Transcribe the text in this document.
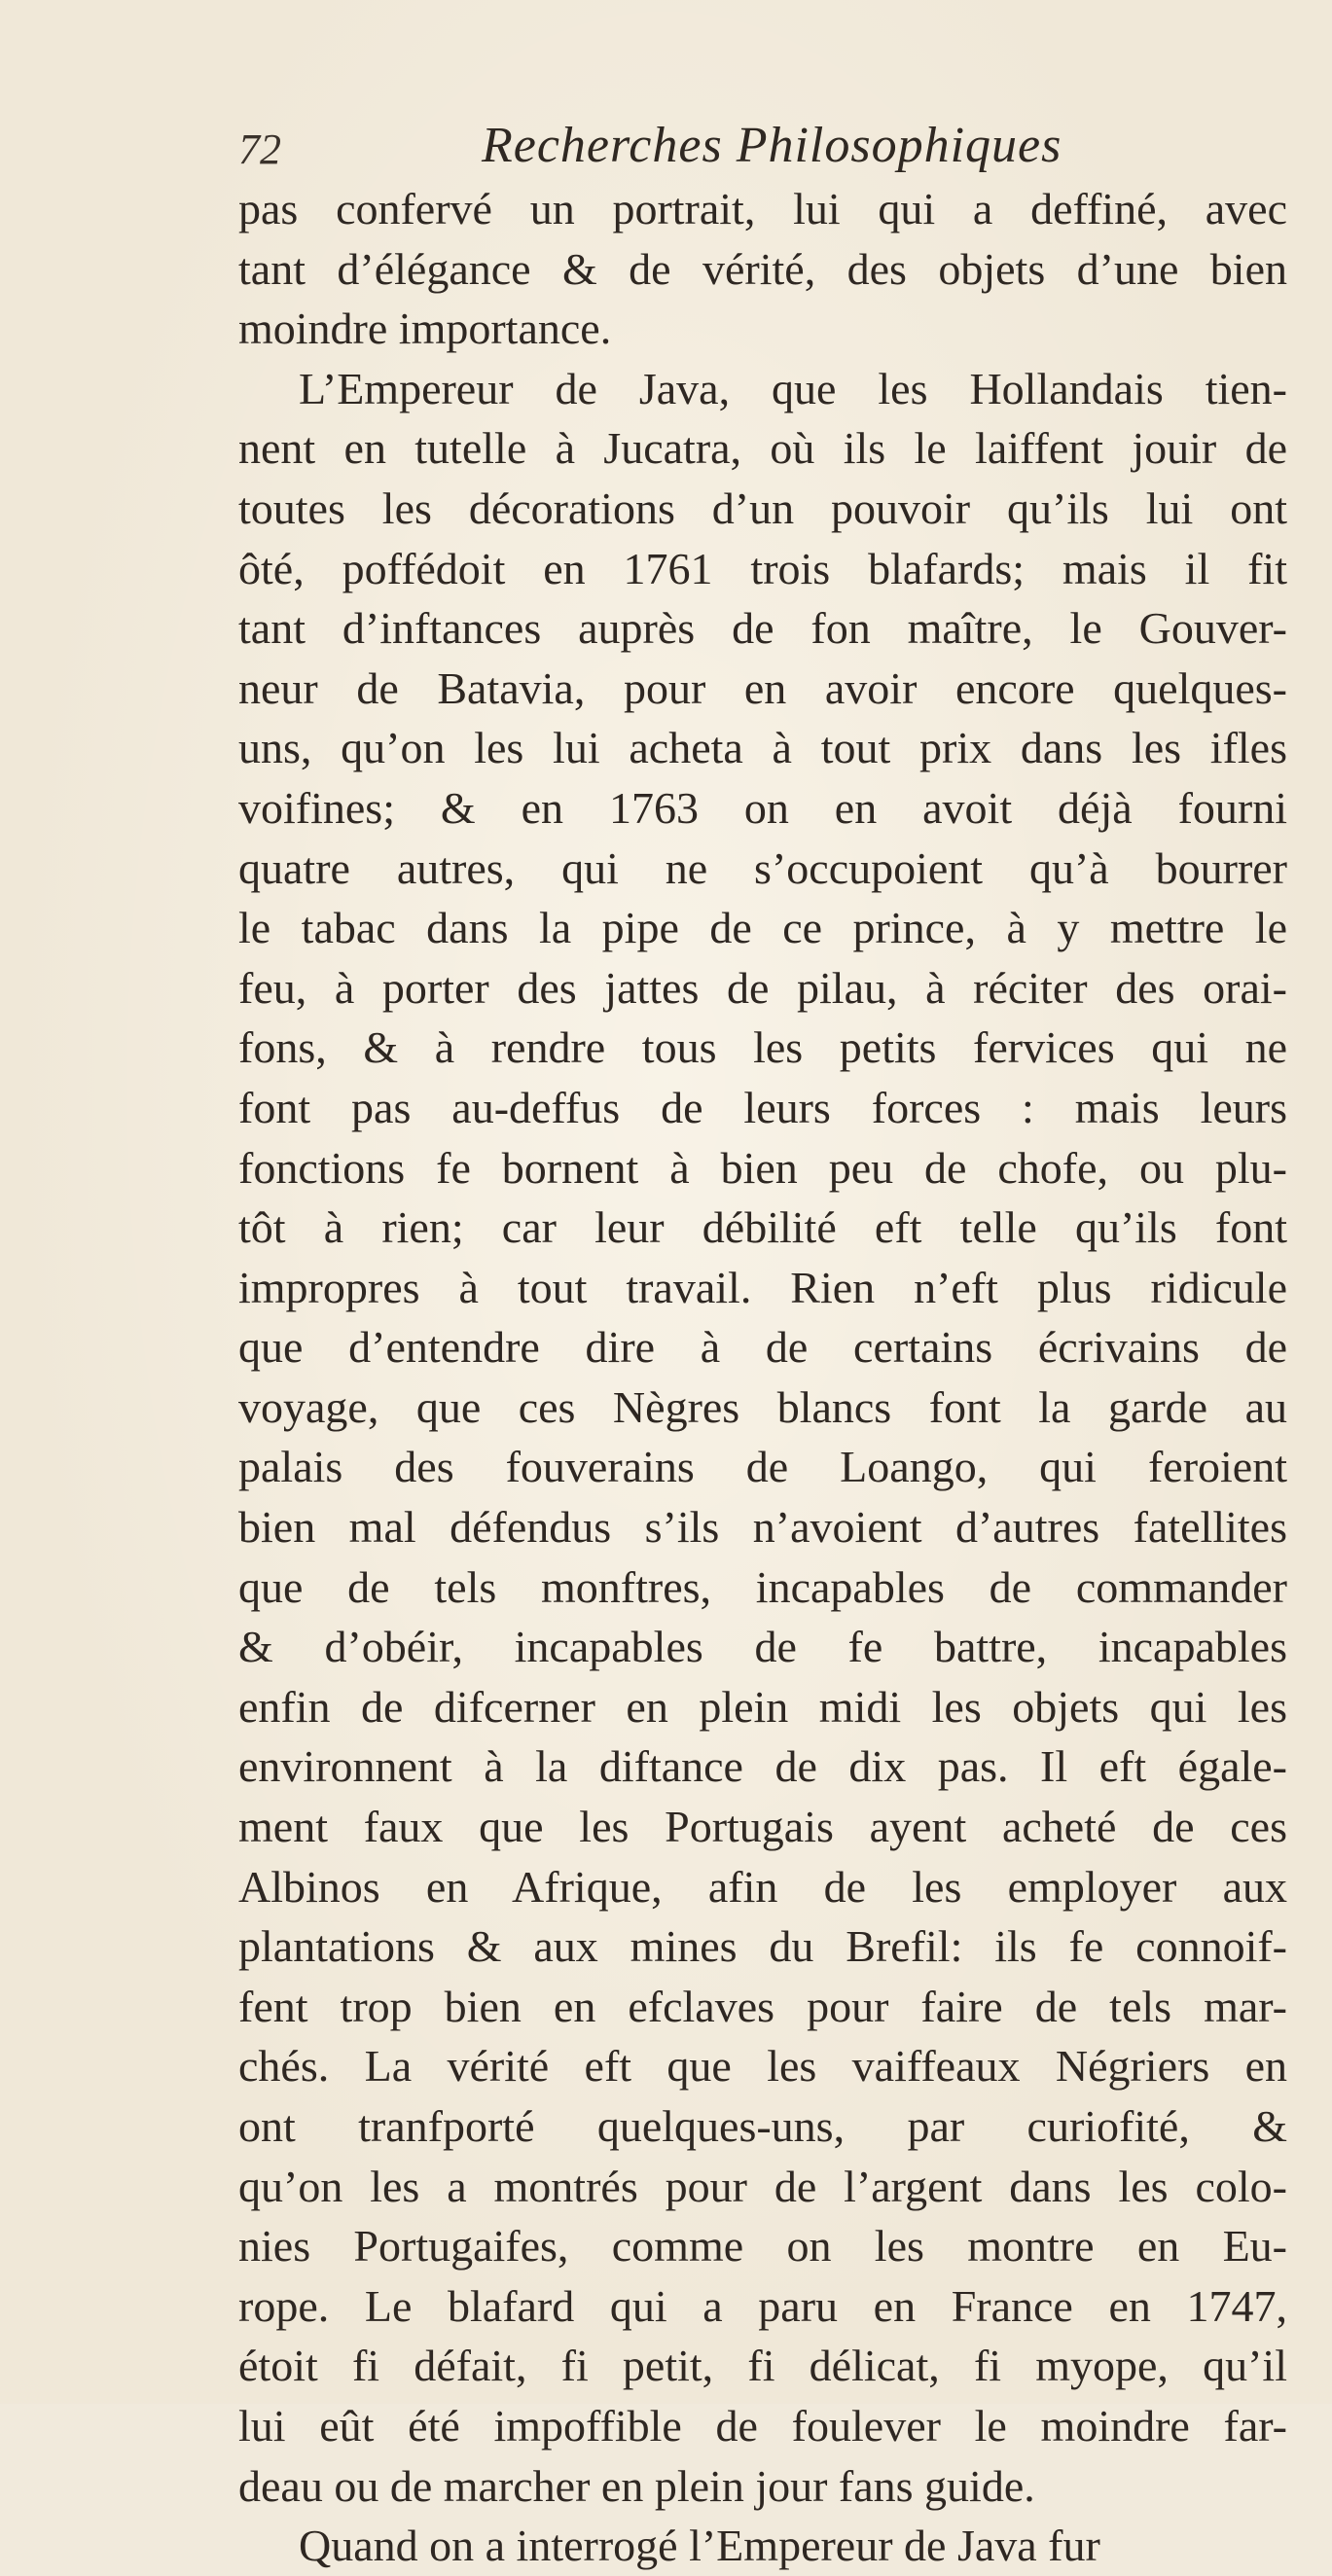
72	Recherches Philosophiques
pas confervé un portrait, lui qui a deffiné, avec
tant d’élégance & de vérité, des objets d’une bien
moindre importance.
L’Empereur de Java, que les Hollandais tien-
nent en tutelle à Jucatra, où ils le laiffent jouir de
toutes les décorations d’un pouvoir qu’ils lui ont
ôté, poffédoit en 1761 trois blafards; mais il fit
tant d’inftances auprès de fon maître, le Gouver-
neur de Batavia, pour en avoir encore quelques-
uns, qu’on les lui acheta à tout prix dans les ifles
voifines; & en 1763 on en avoit déjà fourni
quatre autres, qui ne s’occupoient qu’à bourrer
le tabac dans la pipe de ce prince, à y mettre le
feu, à porter des jattes de pilau, à réciter des orai-
fons, & à rendre tous les petits fervices qui ne
font pas au-deffus de leurs forces : mais leurs
fonctions fe bornent à bien peu de chofe, ou plu-
tôt à rien; car leur débilité eft telle qu’ils font
impropres à tout travail. Rien n’eft plus ridicule
que d’entendre dire à de certains écrivains de
voyage, que ces Nègres blancs font la garde au
palais des fouverains de Loango, qui feroient
bien mal défendus s’ils n’avoient d’autres fatellites
que de tels monftres, incapables de commander
& d’obéir, incapables de fe battre, incapables
enfin de difcerner en plein midi les objets qui les
environnent à la diftance de dix pas. Il eft égale-
ment faux que les Portugais ayent acheté de ces
Albinos en Afrique, afin de les employer aux
plantations & aux mines du Brefil: ils fe connoif-
fent trop bien en efclaves pour faire de tels mar-
chés. La vérité eft que les vaiffeaux Négriers en
ont tranfporté quelques-uns, par curiofité, &
qu’on les a montrés pour de l’argent dans les colo-
nies Portugaifes, comme on les montre en Eu-
rope. Le blafard qui a paru en France en 1747,
étoit fi défait, fi petit, fi délicat, fi myope, qu’il
lui eût été impoffible de foulever le moindre far-
deau ou de marcher en plein jour fans guide.
Quand on a interrogé l’Empereur de Java fur
